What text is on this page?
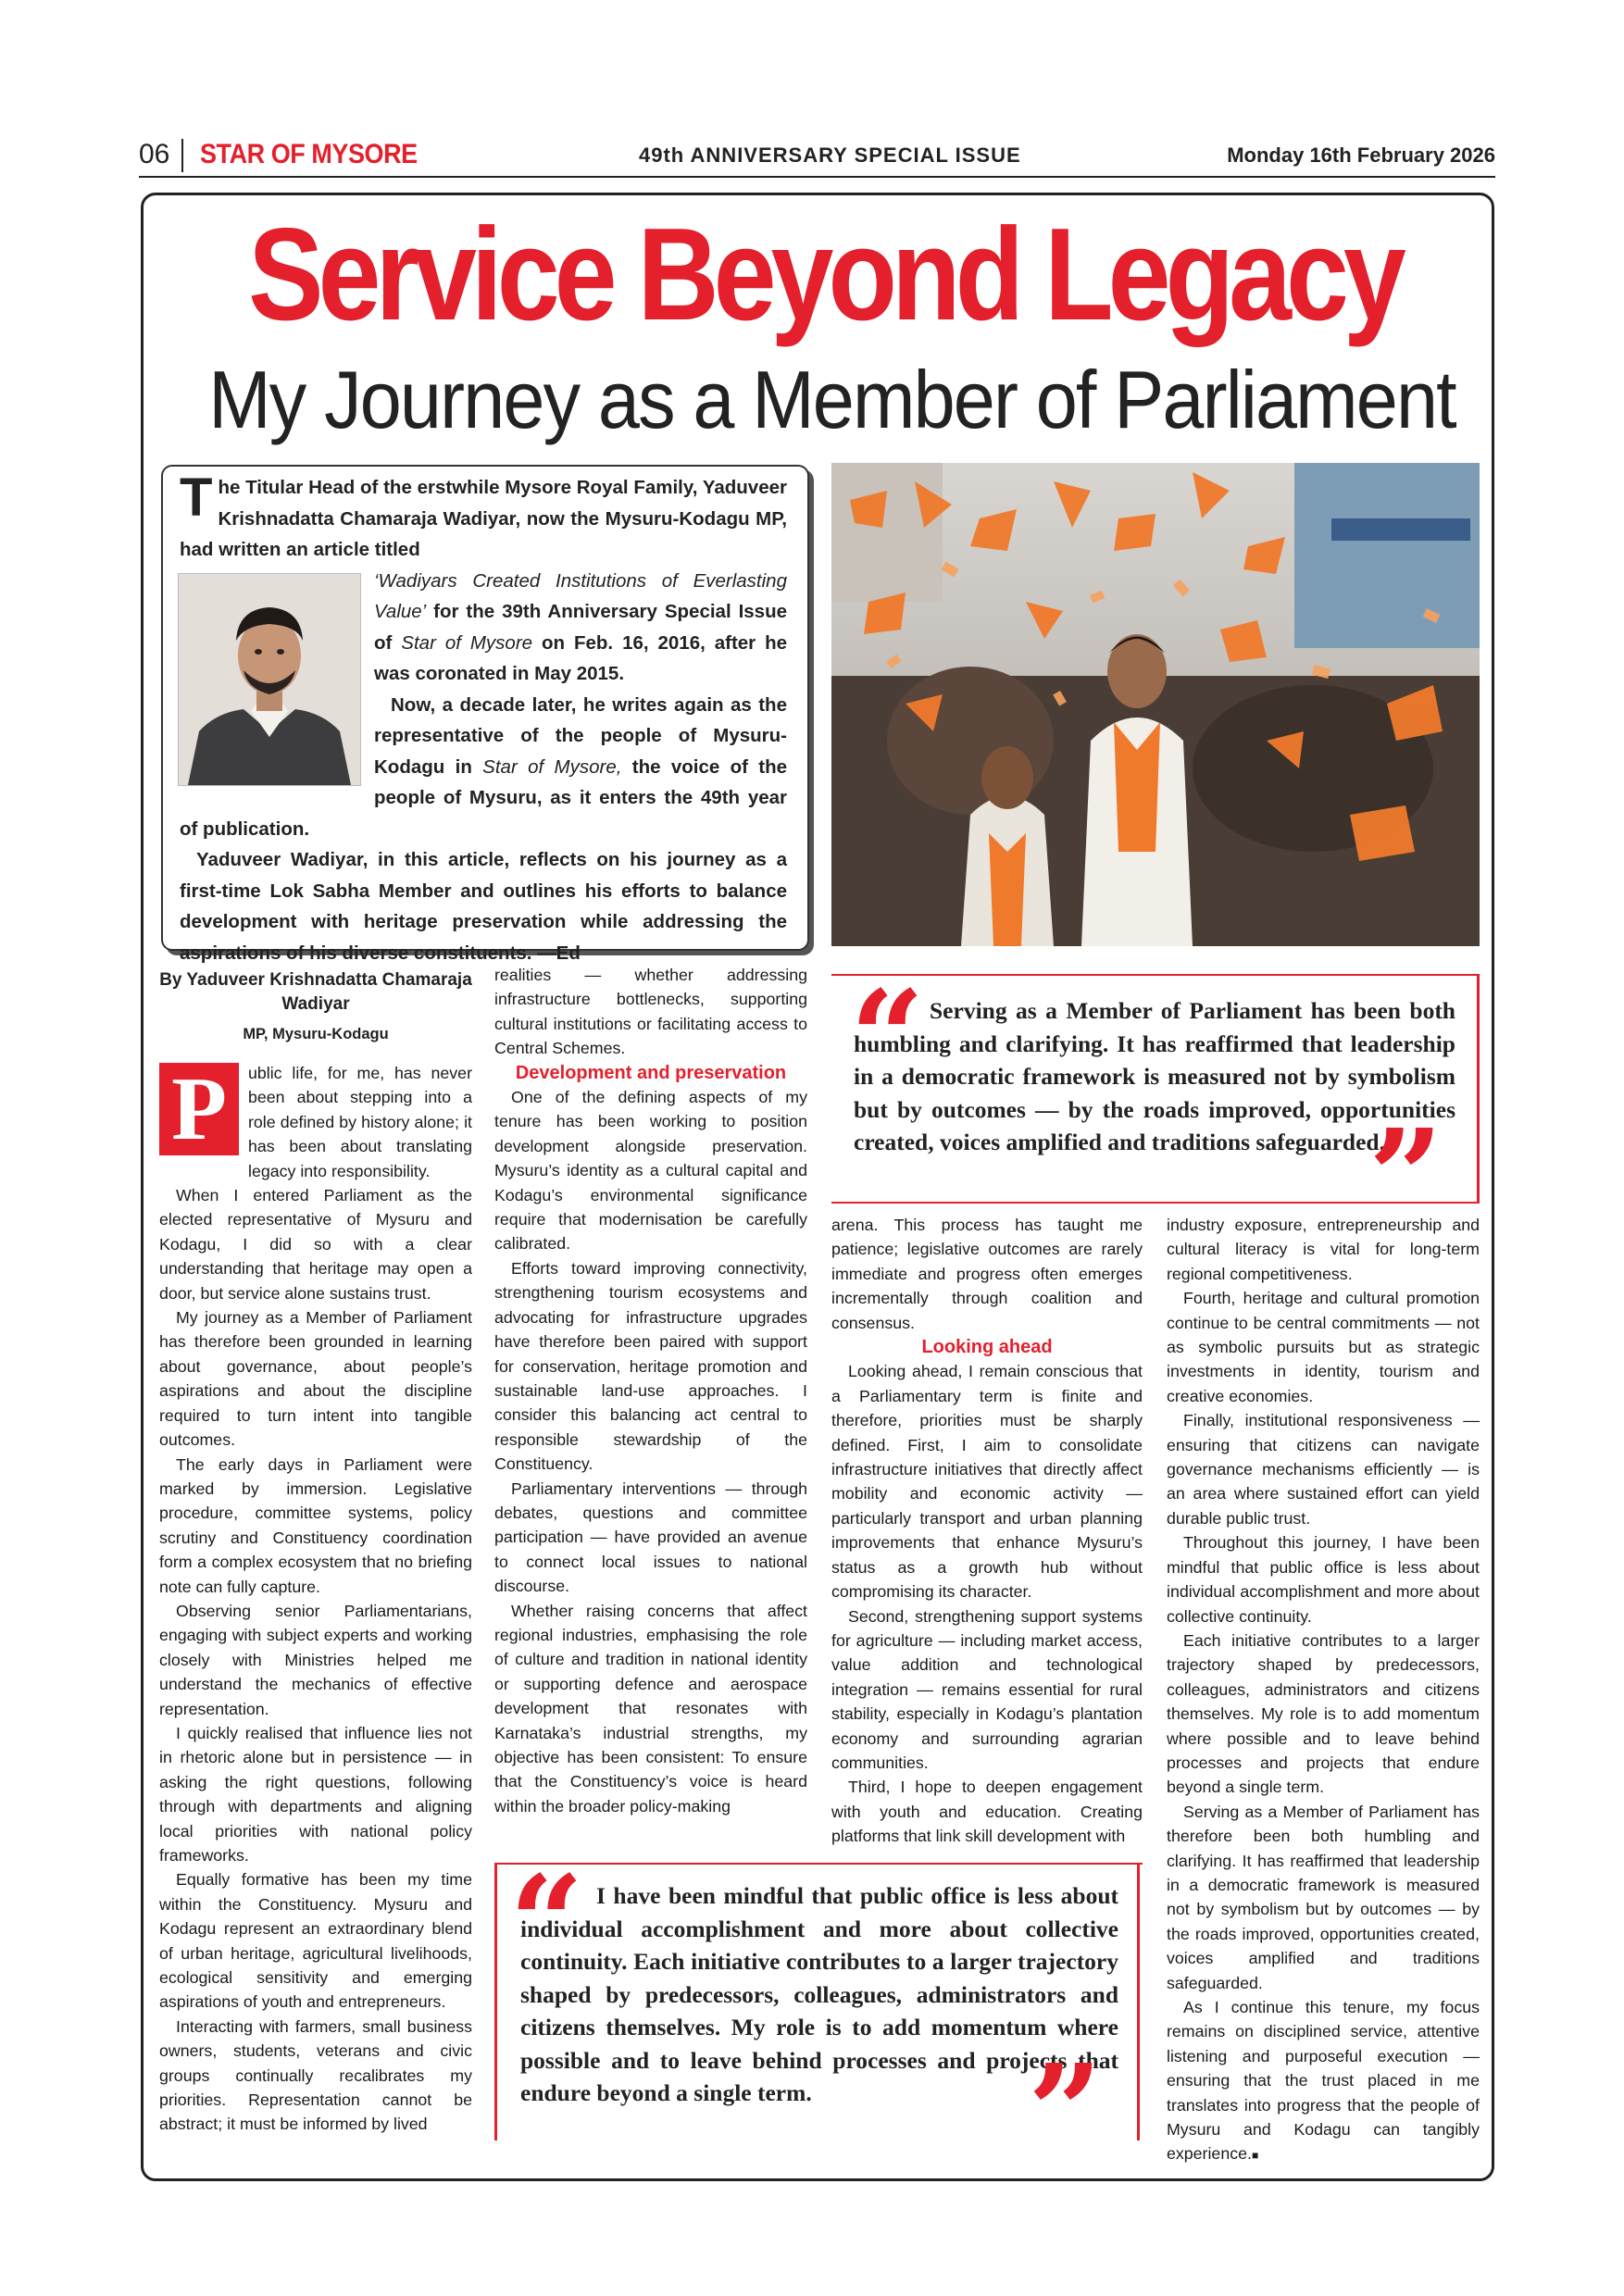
06 STAR OF MYSORE	49th ANNIVERSARY SPECIAL ISSUE	Monday 16th February 2026
Service Beyond Legacy
My Journey as a Member of Parliament

T he Titular Head of the erstwhile Mysore Royal Family, Yaduveer Krishnadatta Chamaraja Wadiyar, now the Mysuru-Kodagu MP, had written an article titled

‘Wadiyars Created Institutions of Everlasting Value’ for the 39th Anniversary Special Issue of Star of Mysore on Feb. 16, 2016, after he was coronated in May 2015.

Now, a decade later, he writes again as the representative of the people of Mysuru-Kodagu in Star of Mysore, the voice of the people of Mysuru, as it enters the 49th year of publication.

Yaduveer Wadiyar, in this article, reflects on his journey as a first-time Lok Sabha Member and outlines his efforts to balance development with heritage preservation while addressing the aspirations of his diverse constituents. —Ed

By Yaduveer Krishnadatta Chamaraja Wadiyar
MP, Mysuru-Kodagu

P	ublic life, for me, has never been about stepping into a role defined by history alone; it has been about translating legacy into responsibility.

When I entered Parliament as the elected representative of Mysuru and Kodagu, I did so with a clear understanding that heritage may open a door, but service alone sustains trust.

My journey as a Member of Parliament has therefore been grounded in learning about governance, about people’s aspirations and about the discipline required to turn intent into tangible outcomes.

The early days in Parliament were marked by immersion. Legislative procedure, committee systems, policy scrutiny and Constituency coordination form a complex ecosystem that no briefing note can fully capture.

Observing senior Parliamentarians, engaging with subject experts and working closely with Ministries helped me understand the mechanics of effective representation.

I quickly realised that influence lies not in rhetoric alone but in persistence — in asking the right questions, following through with departments and aligning local priorities with national policy frameworks.

Equally formative has been my time within the Constituency. Mysuru and Kodagu represent an extraordinary blend of urban heritage, agricultural livelihoods, ecological sensitivity and emerging aspirations of youth and entrepreneurs.

Interacting with farmers, small business owners, students, veterans and civic groups continually recalibrates my priorities. Representation cannot be abstract; it must be informed by lived

realities — whether addressing infrastructure bottlenecks, supporting cultural institutions or facilitating access to Central Schemes.

Development and preservation

One of the defining aspects of my tenure has been working to position development alongside preservation. Mysuru’s identity as a cultural capital and Kodagu’s environmental significance require that modernisation be carefully calibrated.

Efforts toward improving connectivity, strengthening tourism ecosystems and advocating for infrastructure upgrades have therefore been paired with support for conservation, heritage promotion and sustainable land-use approaches. I consider this balancing act central to responsible stewardship of the Constituency.

Parliamentary interventions — through debates, questions and committee participation — have provided an avenue to connect local issues to national discourse.

Whether raising concerns that affect regional industries, emphasising the role of culture and tradition in national identity or supporting defence and aerospace development that resonates with Karnataka’s industrial strengths, my objective has been consistent: To ensure that the Constituency’s voice is heard within the broader policy-making

“ Serving as a Member of Parliament has been both humbling and clarifying. It has reaffirmed that leadership in a democratic framework is measured not by symbolism but by outcomes — by the roads improved, opportunities created, voices amplified and traditions safeguarded.
”

arena. This process has taught me patience; legislative outcomes are rarely immediate and progress often emerges incrementally through coalition and consensus.

Looking ahead

Looking ahead, I remain conscious that a Parliamentary term is finite and therefore, priorities must be sharply defined. First, I aim to consolidate infrastructure initiatives that directly affect mobility and economic activity — particularly transport and urban planning improvements that enhance Mysuru’s status as a growth hub without compromising its character.

Second, strengthening support systems for agriculture — including market access, value addition and technological integration — remains essential for rural stability, especially in Kodagu’s plantation economy and surrounding agrarian communities.

Third, I hope to deepen engagement with youth and education. Creating platforms that link skill development with

industry exposure, entrepreneurship and cultural literacy is vital for long-term regional competitiveness.

Fourth, heritage and cultural promotion continue to be central commitments — not as symbolic pursuits but as strategic investments in identity, tourism and creative economies.

Finally, institutional responsiveness — ensuring that citizens can navigate governance mechanisms efficiently — is an area where sustained effort can yield durable public trust.

Throughout this journey, I have been mindful that public office is less about individual accomplishment and more about collective continuity.

Each initiative contributes to a larger trajectory shaped by predecessors, colleagues, administrators and citizens themselves. My role is to add momentum where possible and to leave behind processes and projects that endure beyond a single term.

Serving as a Member of Parliament has therefore been both humbling and clarifying. It has reaffirmed that leadership in a democratic framework is measured not by symbolism but by outcomes — by the roads improved, opportunities created, voices amplified and traditions safeguarded.

As I continue this tenure, my focus remains on disciplined service, attentive listening and purposeful execution — ensuring that the trust placed in me translates into progress that the people of Mysuru and Kodagu can tangibly experience.■

“ I have been mindful that public office is less about individual accomplishment and more about collective continuity. Each initiative contributes to a larger trajectory shaped by predecessors, colleagues, administrators and citizens themselves. My role is to add momentum where possible and to leave behind processes and projects that endure beyond a single term.	”
